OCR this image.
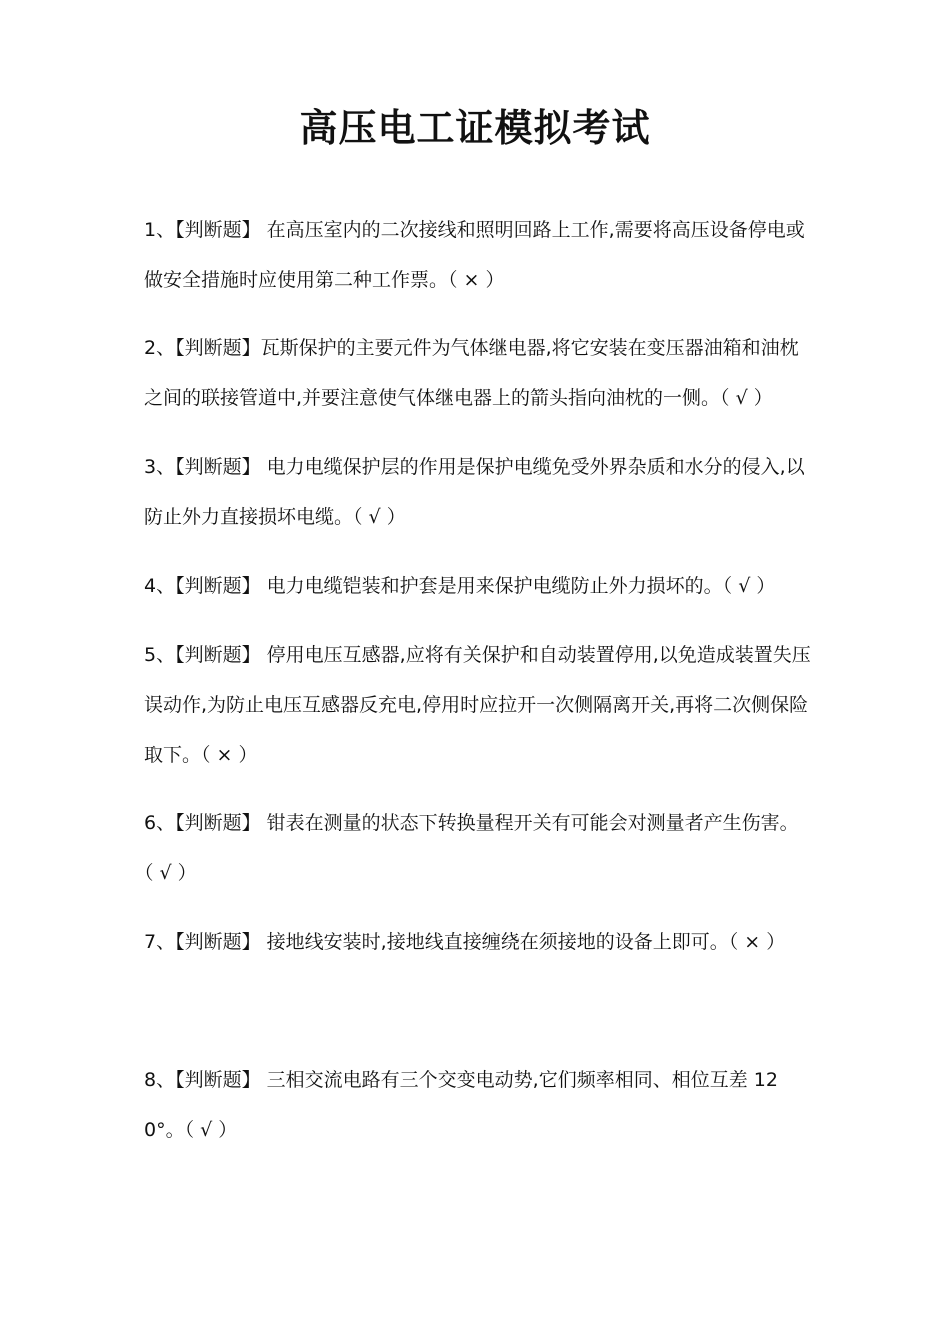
高压电工证模拟考试
1、【判断题】 在高压室内的二次接线和照明回路上工作,需要将高压设备停电或做安全措施时应使用第二种工作票。（ × ）
2、【判断题】瓦斯保护的主要元件为气体继电器,将它安装在变压器油箱和油枕之间的联接管道中,并要注意使气体继电器上的箭头指向油枕的一侧。（ √ ）
3、【判断题】 电力电缆保护层的作用是保护电缆免受外界杂质和水分的侵入,以防止外力直接损坏电缆。（ √ ）
4、【判断题】 电力电缆铠装和护套是用来保护电缆防止外力损坏的。（ √ ）
5、【判断题】 停用电压互感器,应将有关保护和自动装置停用,以免造成装置失压误动作,为防止电压互感器反充电,停用时应拉开一次侧隔离开关,再将二次侧保险取下。（ × ）
6、【判断题】 钳表在测量的状态下转换量程开关有可能会对测量者产生伤害。（ √ ）
7、【判断题】 接地线安装时,接地线直接缠绕在须接地的设备上即可。（ × ）
8、【判断题】 三相交流电路有三个交变电动势,它们频率相同、相位互差 120°。（ √ ）
